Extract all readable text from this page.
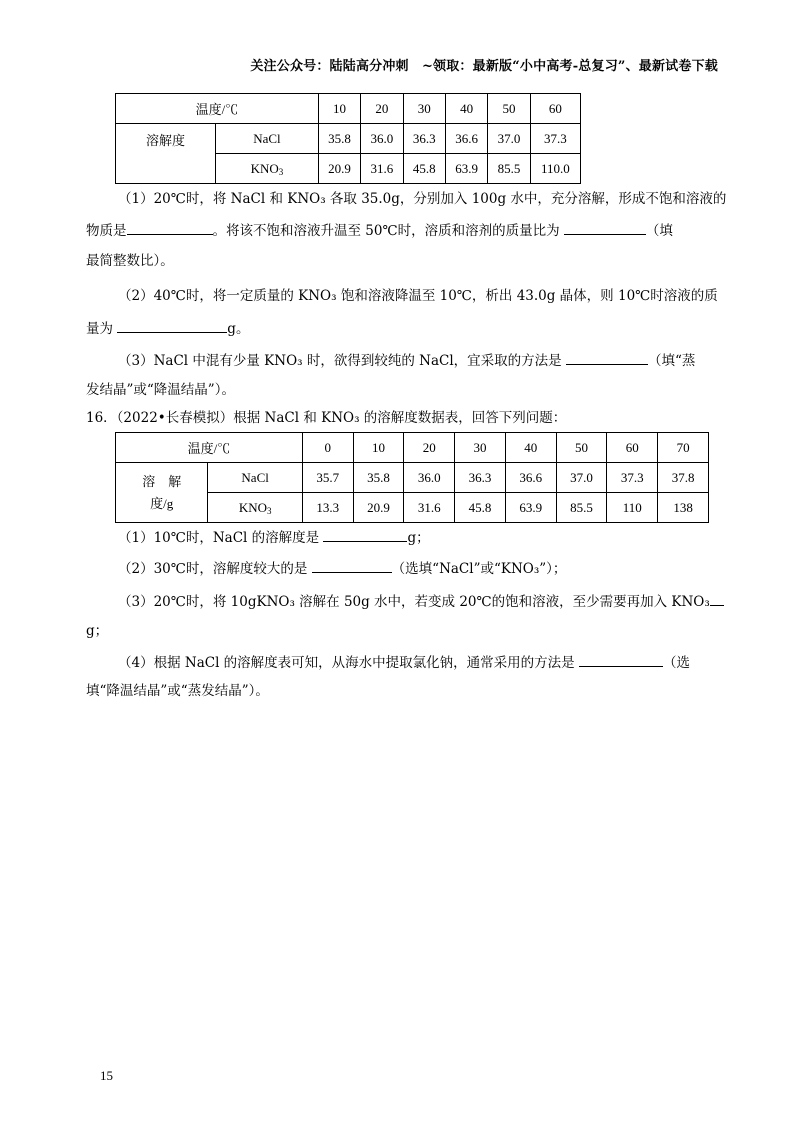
关注公众号：陆陆高分冲刺　~领取：最新版“小中高考-总复习”、最新试卷下载
温度/℃		10	20	30	40	50	60
溶解度	NaCl	35.8	36.0	36.3	36.6	37.0	37.3
	$KNO_3$	20.9	31.6	45.8	63.9	85.5	110.0
（1）20℃时，将 NaCl 和 KNO₃ 各取 35.0g，分别加入 100g 水中，充分溶解，形成不饱和溶液的
物质是	。将该不饱和溶液升温至 50℃时，溶质和溶剂的质量比为	（填
最简整数比）。
（2）40℃时，将一定质量的 KNO₃ 饱和溶液降温至 10℃，析出 43.0g 晶体，则 10℃时溶液的质
量为	g。
（3）NaCl 中混有少量 KNO₃ 时，欲得到较纯的 NaCl，宜采取的方法是	（填“蒸
发结晶”或“降温结晶”）。
16．（2022•长春模拟）根据 NaCl 和 KNO₃ 的溶解度数据表，回答下列问题：
温度/℃		0	10	20	30	40	50	60	70

溶　解
度/g	NaCl	35.7	35.8	36.0	36.3	36.6	37.0	37.3	37.8
	$KNO_3$	13.3	20.9	31.6	45.8	63.9	85.5	110	138
（1）10℃时，NaCl 的溶解度是	g；
（2）30℃时，溶解度较大的是	（选填“NaCl”或“KNO₃”）；
（3）20℃时，将 10gKNO₃ 溶解在 50g 水中，若变成 20℃的饱和溶液，至少需要再加入 KNO₃
g；
（4）根据 NaCl 的溶解度表可知，从海水中提取氯化钠，通常采用的方法是	（选
填“降温结晶”或“蒸发结晶”）。
15
